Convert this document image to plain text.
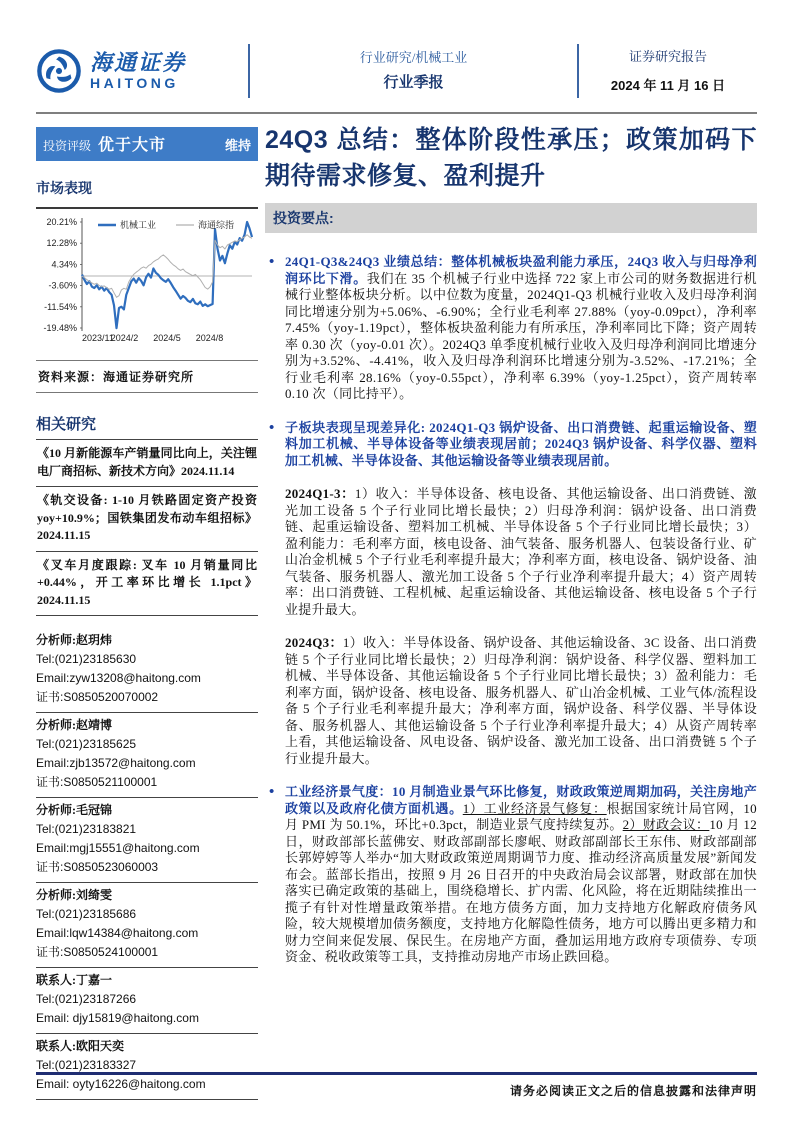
海通证券
HAITONG
行业研究/机械工业
行业季报
证券研究报告
2024 年 11 月 16 日
投资评级 优于大市	维持
市场表现
20.21%
12.28%
4.34%
-3.60%
-11.54%
-19.48%
2023/11
2024/2 2024/5 2024/8
机械工业	海通综指
资料来源：海通证券研究所
相关研究
《10 月新能源车产销量同比向上，关注锂电厂商招标、新技术方向》2024.11.14
《轨交设备: 1-10 月铁路固定资产投资 yoy+10.9%；国铁集团发布动车组招标》2024.11.15
《叉车月度跟踪: 叉车 10 月销量同比+0.44%，开工率环比增长 1.1pct》2024.11.15
分析师:赵玥炜
Tel:(021)23185630
Email:zyw13208@haitong.com
证书:S0850520070002
分析师:赵靖博
Tel:(021)23185625
Email:zjb13572@haitong.com
证书:S0850521100001
分析师:毛冠锦
Tel:(021)23183821
Email:mgj15551@haitong.com
证书:S0850523060003
分析师:刘绮雯
Tel:(021)23185686
Email:lqw14384@haitong.com
证书:S0850524100001
联系人:丁嘉一
Tel:(021)23187266
Email: djy15819@haitong.com
联系人:欧阳天奕
Tel:(021)23183327
Email: oyty16226@haitong.com
24Q3 总结：整体阶段性承压；政策加码下期待需求修复、盈利提升
投资要点:
• 24Q1-Q3&24Q3 业绩总结：整体机械板块盈利能力承压，24Q3 收入与归母净利润环比下滑。我们在 35 个机械子行业中选择 722 家上市公司的财务数据进行机械行业整体板块分析。以中位数为度量，2024Q1-Q3 机械行业收入及归母净利润同比增速分别为+5.06%、-6.90%；全行业毛利率 27.88%（yoy-0.09pct），净利率 7.45%（yoy-1.19pct），整体板块盈利能力有所承压，净利率同比下降；资产周转率 0.30 次（yoy-0.01 次）。2024Q3 单季度机械行业收入及归母净利润同比增速分别为+3.52%、-4.41%，收入及归母净利润环比增速分别为-3.52%、-17.21%；全行业毛利率 28.16%（yoy-0.55pct），净利率 6.39%（yoy-1.25pct），资产周转率 0.10 次（同比持平）。
• 子板块表现呈现差异化: 2024Q1-Q3 锅炉设备、出口消费链、起重运输设备、塑料加工机械、半导体设备等业绩表现居前；2024Q3 锅炉设备、科学仪器、塑料加工机械、半导体设备、其他运输设备等业绩表现居前。

2024Q1-3：1）收入：半导体设备、核电设备、其他运输设备、出口消费链、激光加工设备 5 个子行业同比增长最快；2）归母净利润：锅炉设备、出口消费链、起重运输设备、塑料加工机械、半导体设备 5 个子行业同比增长最快；3）盈利能力：毛利率方面，核电设备、油气装备、服务机器人、包装设备行业、矿山冶金机械 5 个子行业毛利率提升最大；净利率方面，核电设备、锅炉设备、油气装备、服务机器人、激光加工设备 5 个子行业净利率提升最大；4）资产周转率：出口消费链、工程机械、起重运输设备、其他运输设备、核电设备 5 个子行业提升最大。

2024Q3：1）收入：半导体设备、锅炉设备、其他运输设备、3C 设备、出口消费链 5 个子行业同比增长最快；2）归母净利润：锅炉设备、科学仪器、塑料加工机械、半导体设备、其他运输设备 5 个子行业同比增长最快；3）盈利能力：毛利率方面，锅炉设备、核电设备、服务机器人、矿山冶金机械、工业气体/流程设备 5 个子行业毛利率提升最大；净利率方面，锅炉设备、科学仪器、半导体设备、服务机器人、其他运输设备 5 个子行业净利率提升最大；4）从资产周转率上看，其他运输设备、风电设备、锅炉设备、激光加工设备、出口消费链 5 个子行业提升最大。

• 工业经济景气度：10 月制造业景气环比修复，财政政策逆周期加码，关注房地产政策以及政府化债方面机遇。1）工业经济景气修复：根据国家统计局官网，10 月 PMI 为 50.1%，环比+0.3pct，制造业景气度持续复苏。2）财政会议：10 月 12 日，财政部部长蓝佛安、财政部副部长廖岷、财政部副部长王东伟、财政部副部长郭婷婷等人举办“加大财政政策逆周期调节力度、推动经济高质量发展”新闻发布会。蓝部长指出，按照 9 月 26 日召开的中央政治局会议部署，财政部在加快落实已确定政策的基础上，围绕稳增长、扩内需、化风险，将在近期陆续推出一揽子有针对性增量政策举措。在地方债务方面，加力支持地方化解政府债务风险，较大规模增加债务额度，支持地方化解隐性债务，地方可以腾出更多精力和财力空间来促发展、保民生。在房地产方面，叠加运用地方政府专项债券、专项资金、税收政策等工具，支持推动房地产市场止跌回稳。
请务必阅读正文之后的信息披露和法律声明
